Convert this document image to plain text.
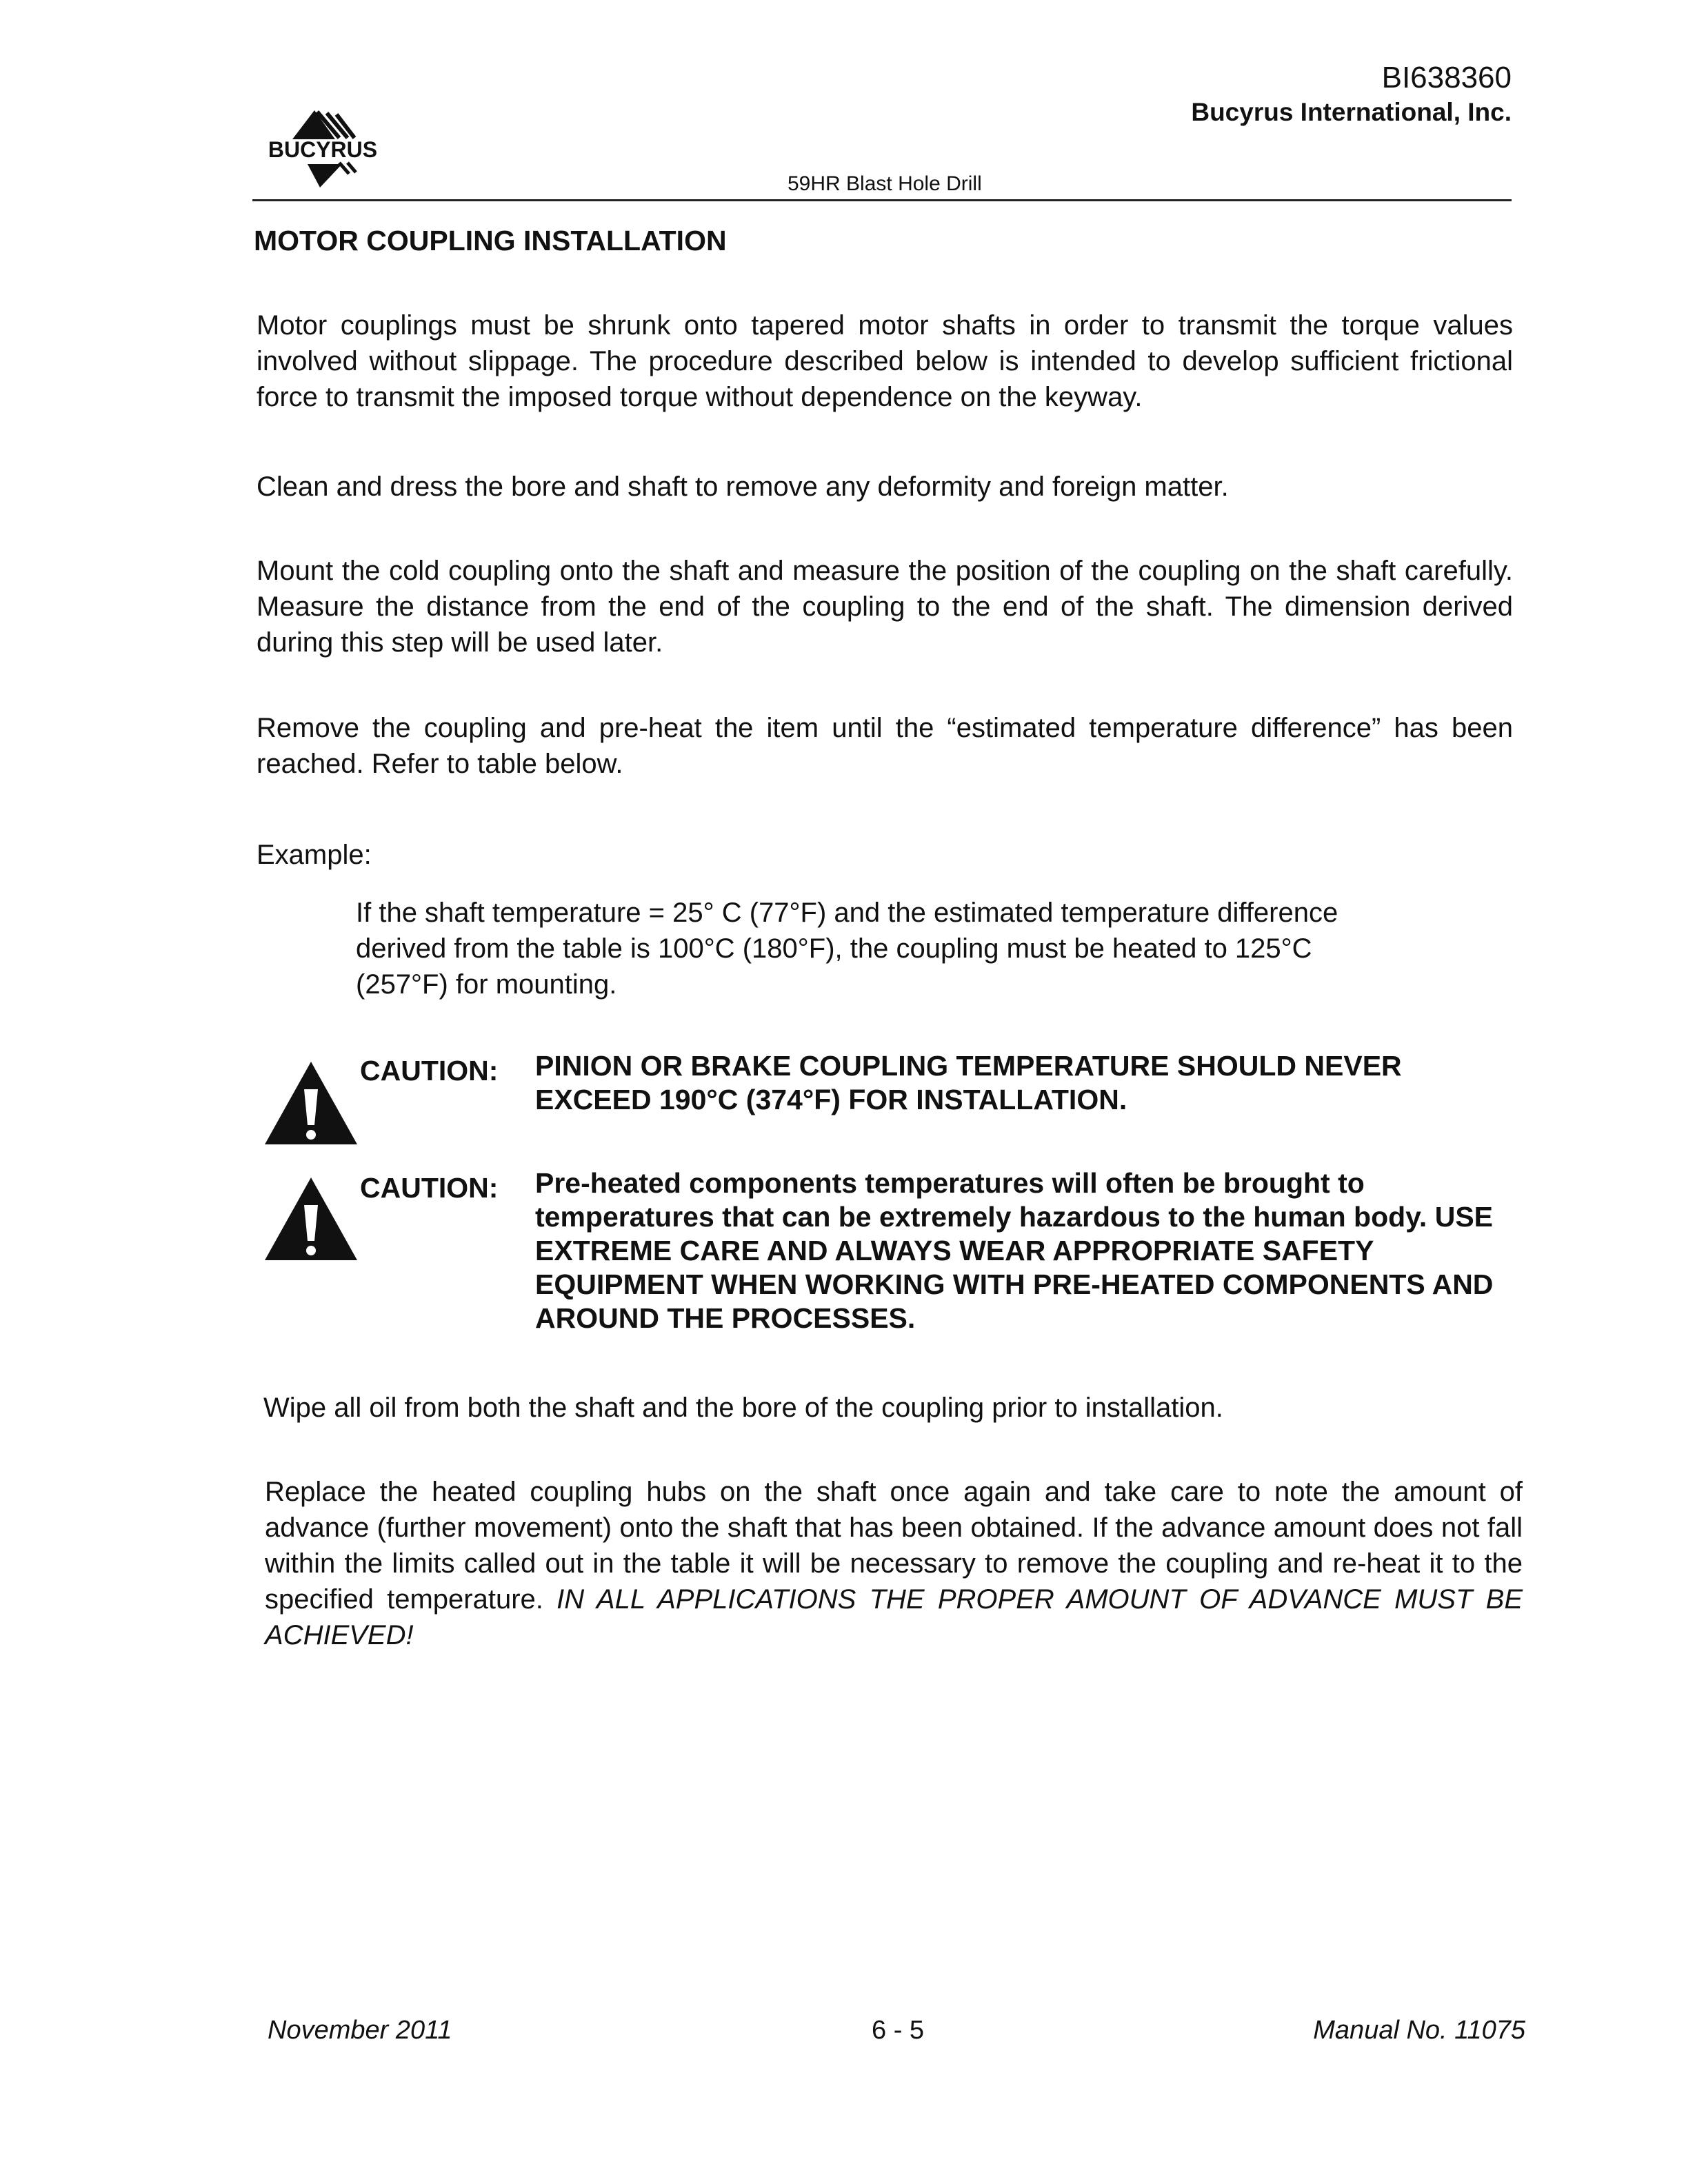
BI638360
Bucyrus International, Inc.
BUCYRUS
59HR Blast Hole Drill
MOTOR COUPLING INSTALLATION
Motor couplings must be shrunk onto tapered motor shafts in order to transmit the torque values involved without slippage. The procedure described below is intended to develop sufficient frictional force to transmit the imposed torque without dependence on the keyway.
Clean and dress the bore and shaft to remove any deformity and foreign matter.
Mount the cold coupling onto the shaft and measure the position of the coupling on the shaft carefully. Measure the distance from the end of the coupling to the end of the shaft. The dimension derived during this step will be used later.
Remove the coupling and pre-heat the item until the “estimated temperature difference” has been reached. Refer to table below.
Example:
If the shaft temperature = 25° C (77°F) and the estimated temperature difference derived from the table is 100°C (180°F), the coupling must be heated to 125°C (257°F) for mounting.
CAUTION: PINION OR BRAKE COUPLING TEMPERATURE SHOULD NEVER EXCEED 190°C (374°F) FOR INSTALLATION.
CAUTION: Pre-heated components temperatures will often be brought to temperatures that can be extremely hazardous to the human body. USE EXTREME CARE AND ALWAYS WEAR APPROPRIATE SAFETY EQUIPMENT WHEN WORKING WITH PRE-HEATED COMPONENTS AND AROUND THE PROCESSES.
Wipe all oil from both the shaft and the bore of the coupling prior to installation.
Replace the heated coupling hubs on the shaft once again and take care to note the amount of advance (further movement) onto the shaft that has been obtained. If the advance amount does not fall within the limits called out in the table it will be necessary to remove the coupling and re-heat it to the specified temperature. IN ALL APPLICATIONS THE PROPER AMOUNT OF ADVANCE MUST BE ACHIEVED!
November 2011	6 - 5	Manual No. 11075
